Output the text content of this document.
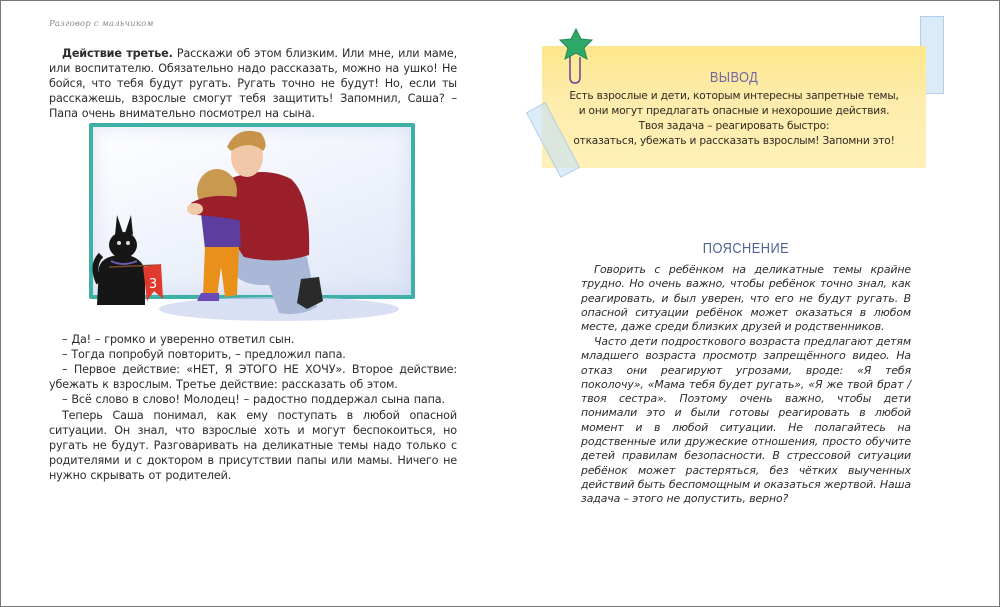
Разговор с мальчиком

Действие третье. Расскажи об этом близким. Или мне, или маме, или воспитателю. Обязательно надо рассказать, можно на ушко! Не бойся, что тебя будут ругать. Ругать точно не будут! Но, если ты расскажешь, взрослые смогут тебя защитить! Запомнил, Саша? – Папа очень внимательно посмотрел на сына.

3

– Да! – громко и уверенно ответил сын.

– Тогда попробуй повторить, – предложил папа.

– Первое действие: «НЕТ, Я ЭТОГО НЕ ХОЧУ». Второе действие: убежать к взрослым. Третье действие: рассказать об этом.

– Всё слово в слово! Молодец! – радостно поддержал сына папа.

Теперь Саша понимал, как ему поступать в любой опасной ситуации. Он знал, что взрослые хоть и могут беспокоиться, но ругать не будут. Разговаривать на деликатные темы надо только с родителями и с доктором в присутствии папы или мамы. Ничего не нужно скрывать от родителей.

ВЫВОД
Есть взрослые и дети, которым интересны запретные темы,
и они могут предлагать опасные и нехорошие действия.
Твоя задача – реагировать быстро:
отказаться, убежать и рассказать взрослым! Запомни это!
ПОЯСНЕНИЕ

Говорить с ребёнком на деликатные темы крайне трудно. Но очень важно, чтобы ребёнок точно знал, как реагировать, и был уверен, что его не будут ругать. В опасной ситуации ребёнок может оказаться в любом месте, даже среди близких друзей и родственников.

Часто дети подросткового возраста предлагают детям младшего возраста просмотр запрещённого видео. На отказ они реагируют угрозами, вроде: «Я тебя поколочу», «Мама тебя будет ругать», «Я же твой брат / твоя сестра». Поэтому очень важно, чтобы дети понимали это и были готовы реагировать в любой момент и в любой ситуации. Не полагайтесь на родственные или дружеские отношения, просто обучите детей правилам безопасности. В стрессовой ситуации ребёнок может растеряться, без чётких выученных действий быть беспомощным и оказаться жертвой. Наша задача – этого не допустить, верно?
